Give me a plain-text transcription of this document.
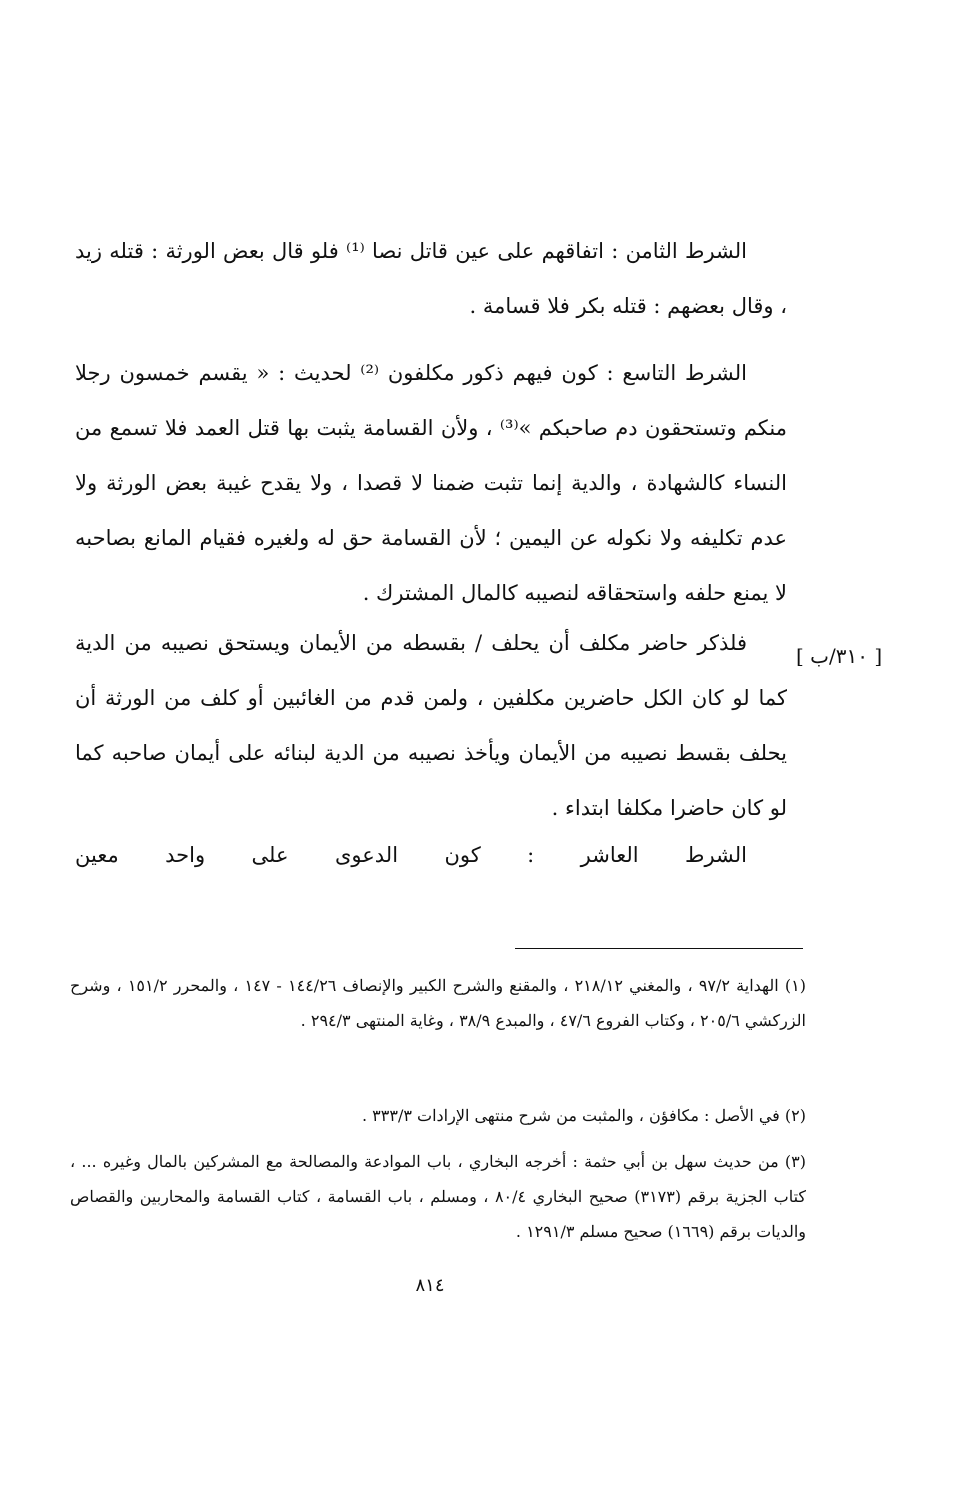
الشرط الثامن : اتفاقهم على عين قاتل نصا ⁽¹⁾ فلو قال بعض الورثة : قتله زيد ، وقال بعضهم : قتله بكر فلا قسامة .
الشرط التاسع : كون فيهم ذكور مكلفون ⁽²⁾ لحديث : « يقسم خمسون رجلا منكم وتستحقون دم صاحبكم »⁽³⁾ ، ولأن القسامة يثبت بها قتل العمد فلا تسمع من النساء كالشهادة ، والدية إنما تثبت ضمنا لا قصدا ، ولا يقدح غيبة بعض الورثة ولا عدم تكليفه ولا نكوله عن اليمين ؛ لأن القسامة حق له ولغيره فقيام المانع بصاحبه لا يمنع حلفه واستحقاقه لنصيبه كالمال المشترك .
[ ٣١٠/ب ]
فلذكر حاضر مكلف أن يحلف / بقسطه من الأيمان ويستحق نصيبه من الدية كما لو كان الكل حاضرين مكلفين ، ولمن قدم من الغائبين أو كلف من الورثة أن يحلف بقسط نصيبه من الأيمان ويأخذ نصيبه من الدية لبنائه على أيمان صاحبه كما لو كان حاضرا مكلفا ابتداء .
الشرط العاشر : كون الدعوى على واحد معين
(١) الهداية ٩٧/٢ ، والمغني ٢١٨/١٢ ، والمقنع والشرح الكبير والإنصاف ١٤٤/٢٦ - ١٤٧ ، والمحرر ١٥١/٢ ، وشرح الزركشي ٢٠٥/٦ ، وكتاب الفروع ٤٧/٦ ، والمبدع ٣٨/٩ ، وغاية المنتهى ٢٩٤/٣ .
(٢) في الأصل : مكافؤن ، والمثبت من شرح منتهى الإرادات ٣٣٣/٣ .
(٣) من حديث سهل بن أبي حثمة : أخرجه البخاري ، باب الموادعة والمصالحة مع المشركين بالمال وغيره ... ، كتاب الجزية برقم (٣١٧٣) صحيح البخاري ٨٠/٤ ، ومسلم ، باب القسامة ، كتاب القسامة والمحاربين والقصاص والديات برقم (١٦٦٩) صحيح مسلم ١٢٩١/٣ .
٨١٤
